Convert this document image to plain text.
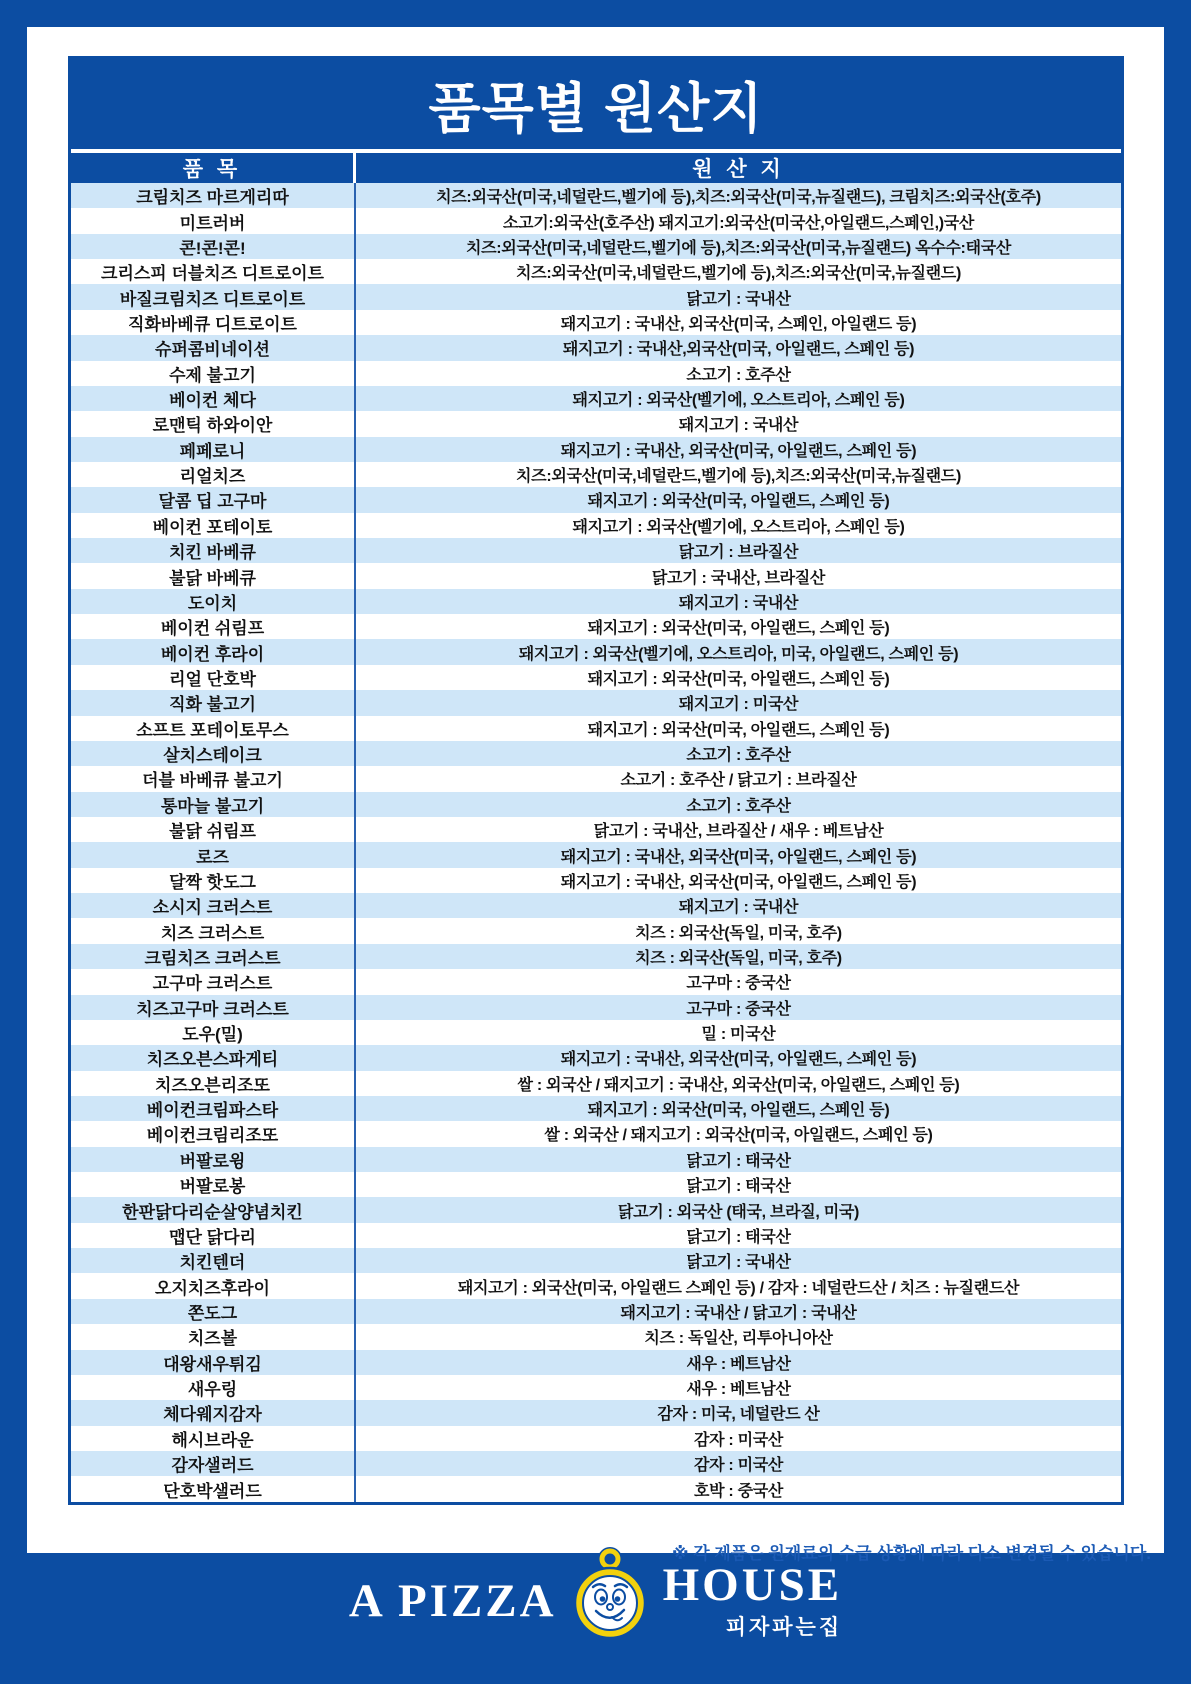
※ 각 제품은 원재료의 수급 상황에 따라 다소 변경될 수 있습니다.
품목별 원산지
품 목	원 산 지
크림치즈 마르게리따	치즈:외국산(미국,네덜란드,벨기에 등),치즈:외국산(미국,뉴질랜드), 크림치즈:외국산(호주)
미트러버	소고기:외국산(호주산) 돼지고기:외국산(미국산,아일랜드,스페인,)국산
콘!콘!콘!	치즈:외국산(미국,네덜란드,벨기에 등),치즈:외국산(미국,뉴질랜드) 옥수수:태국산
크리스피 더블치즈 디트로이트	치즈:외국산(미국,네덜란드,벨기에 등),치즈:외국산(미국,뉴질랜드)
바질크림치즈 디트로이트	닭고기 : 국내산
직화바베큐 디트로이트	돼지고기 : 국내산, 외국산(미국, 스페인, 아일랜드 등)
슈퍼콤비네이션	돼지고기 : 국내산,외국산(미국, 아일랜드, 스페인 등)
수제 불고기	소고기 : 호주산
베이컨 체다	돼지고기 : 외국산(벨기에, 오스트리아, 스페인 등)
로맨틱 하와이안	돼지고기 : 국내산
페페로니	돼지고기 : 국내산, 외국산(미국, 아일랜드, 스페인 등)
리얼치즈	치즈:외국산(미국,네덜란드,벨기에 등),치즈:외국산(미국,뉴질랜드)
달콤 딥 고구마	돼지고기 : 외국산(미국, 아일랜드, 스페인 등)
베이컨 포테이토	돼지고기 : 외국산(벨기에, 오스트리아, 스페인 등)
치킨 바베큐	닭고기 : 브라질산
불닭 바베큐	닭고기 : 국내산, 브라질산
도이치	돼지고기 : 국내산
베이컨 쉬림프	돼지고기 : 외국산(미국, 아일랜드, 스페인 등)
베이컨 후라이	돼지고기 : 외국산(벨기에, 오스트리아, 미국, 아일랜드, 스페인 등)
리얼 단호박	돼지고기 : 외국산(미국, 아일랜드, 스페인 등)
직화 불고기	돼지고기 : 미국산
소프트 포테이토무스	돼지고기 : 외국산(미국, 아일랜드, 스페인 등)
살치스테이크	소고기 : 호주산
더블 바베큐 불고기	소고기 : 호주산 / 닭고기 : 브라질산
통마늘 불고기	소고기 : 호주산
불닭 쉬림프	닭고기 : 국내산, 브라질산 / 새우 : 베트남산
로즈	돼지고기 : 국내산, 외국산(미국, 아일랜드, 스페인 등)
달짝 핫도그	돼지고기 : 국내산, 외국산(미국, 아일랜드, 스페인 등)
소시지 크러스트	돼지고기 : 국내산
치즈 크러스트	치즈 : 외국산(독일, 미국, 호주)
크림치즈 크러스트	치즈 : 외국산(독일, 미국, 호주)
고구마 크러스트	고구마 : 중국산
치즈고구마 크러스트	고구마 : 중국산
도우(밀)	밀 : 미국산
치즈오븐스파게티	돼지고기 : 국내산, 외국산(미국, 아일랜드, 스페인 등)
치즈오븐리조또	쌀 : 외국산 / 돼지고기 : 국내산, 외국산(미국, 아일랜드, 스페인 등)
베이컨크림파스타	돼지고기 : 외국산(미국, 아일랜드, 스페인 등)
베이컨크림리조또	쌀 : 외국산 / 돼지고기 : 외국산(미국, 아일랜드, 스페인 등)
버팔로윙	닭고기 : 태국산
버팔로봉	닭고기 : 태국산
한판닭다리순살양념치킨	닭고기 : 외국산 (태국, 브라질, 미국)
맵단 닭다리	닭고기 : 태국산
치킨텐더	닭고기 : 국내산
오지치즈후라이	돼지고기 : 외국산(미국, 아일랜드 스페인 등) / 감자 : 네덜란드산 / 치즈 : 뉴질랜드산
쫀도그	돼지고기 : 국내산 / 닭고기 : 국내산
치즈볼	치즈 : 독일산, 리투아니아산
대왕새우튀김	새우 : 베트남산
새우링	새우 : 베트남산
체다웨지감자	감자 : 미국, 네덜란드 산
해시브라운	감자 : 미국산
감자샐러드	감자 : 미국산
단호박샐러드	호박 : 중국산
A PIZZA HOUSE
피자파는집
